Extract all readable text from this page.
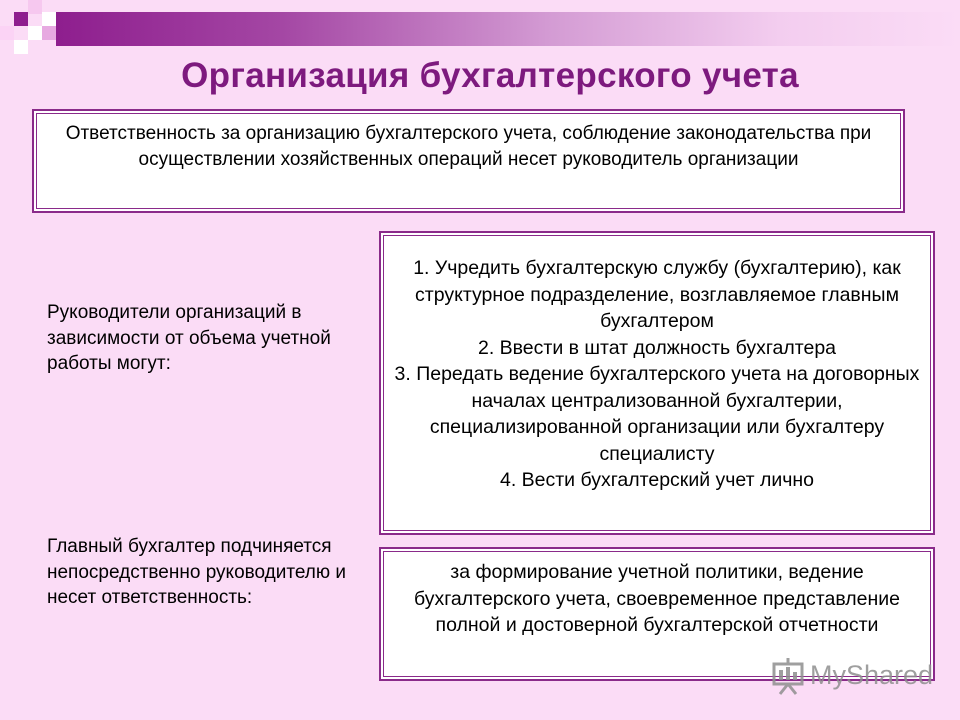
Организация бухгалтерского учета
Ответственность за организацию бухгалтерского учета, соблюдение законодательства при осуществлении хозяйственных операций несет руководитель организации
Руководители организаций в зависимости от объема учетной работы могут:
1. Учредить бухгалтерскую службу (бухгалтерию), как структурное подразделение, возглавляемое главным бухгалтером
2. Ввести в штат должность бухгалтера
3. Передать ведение бухгалтерского учета на договорных началах централизованной бухгалтерии, специализированной организации или бухгалтеру специалисту
4. Вести бухгалтерский учет лично
Главный бухгалтер подчиняется непосредственно руководителю и несет ответственность:
за формирование учетной политики, ведение бухгалтерского учета, своевременное представление полной и достоверной бухгалтерской отчетности
MyShared
